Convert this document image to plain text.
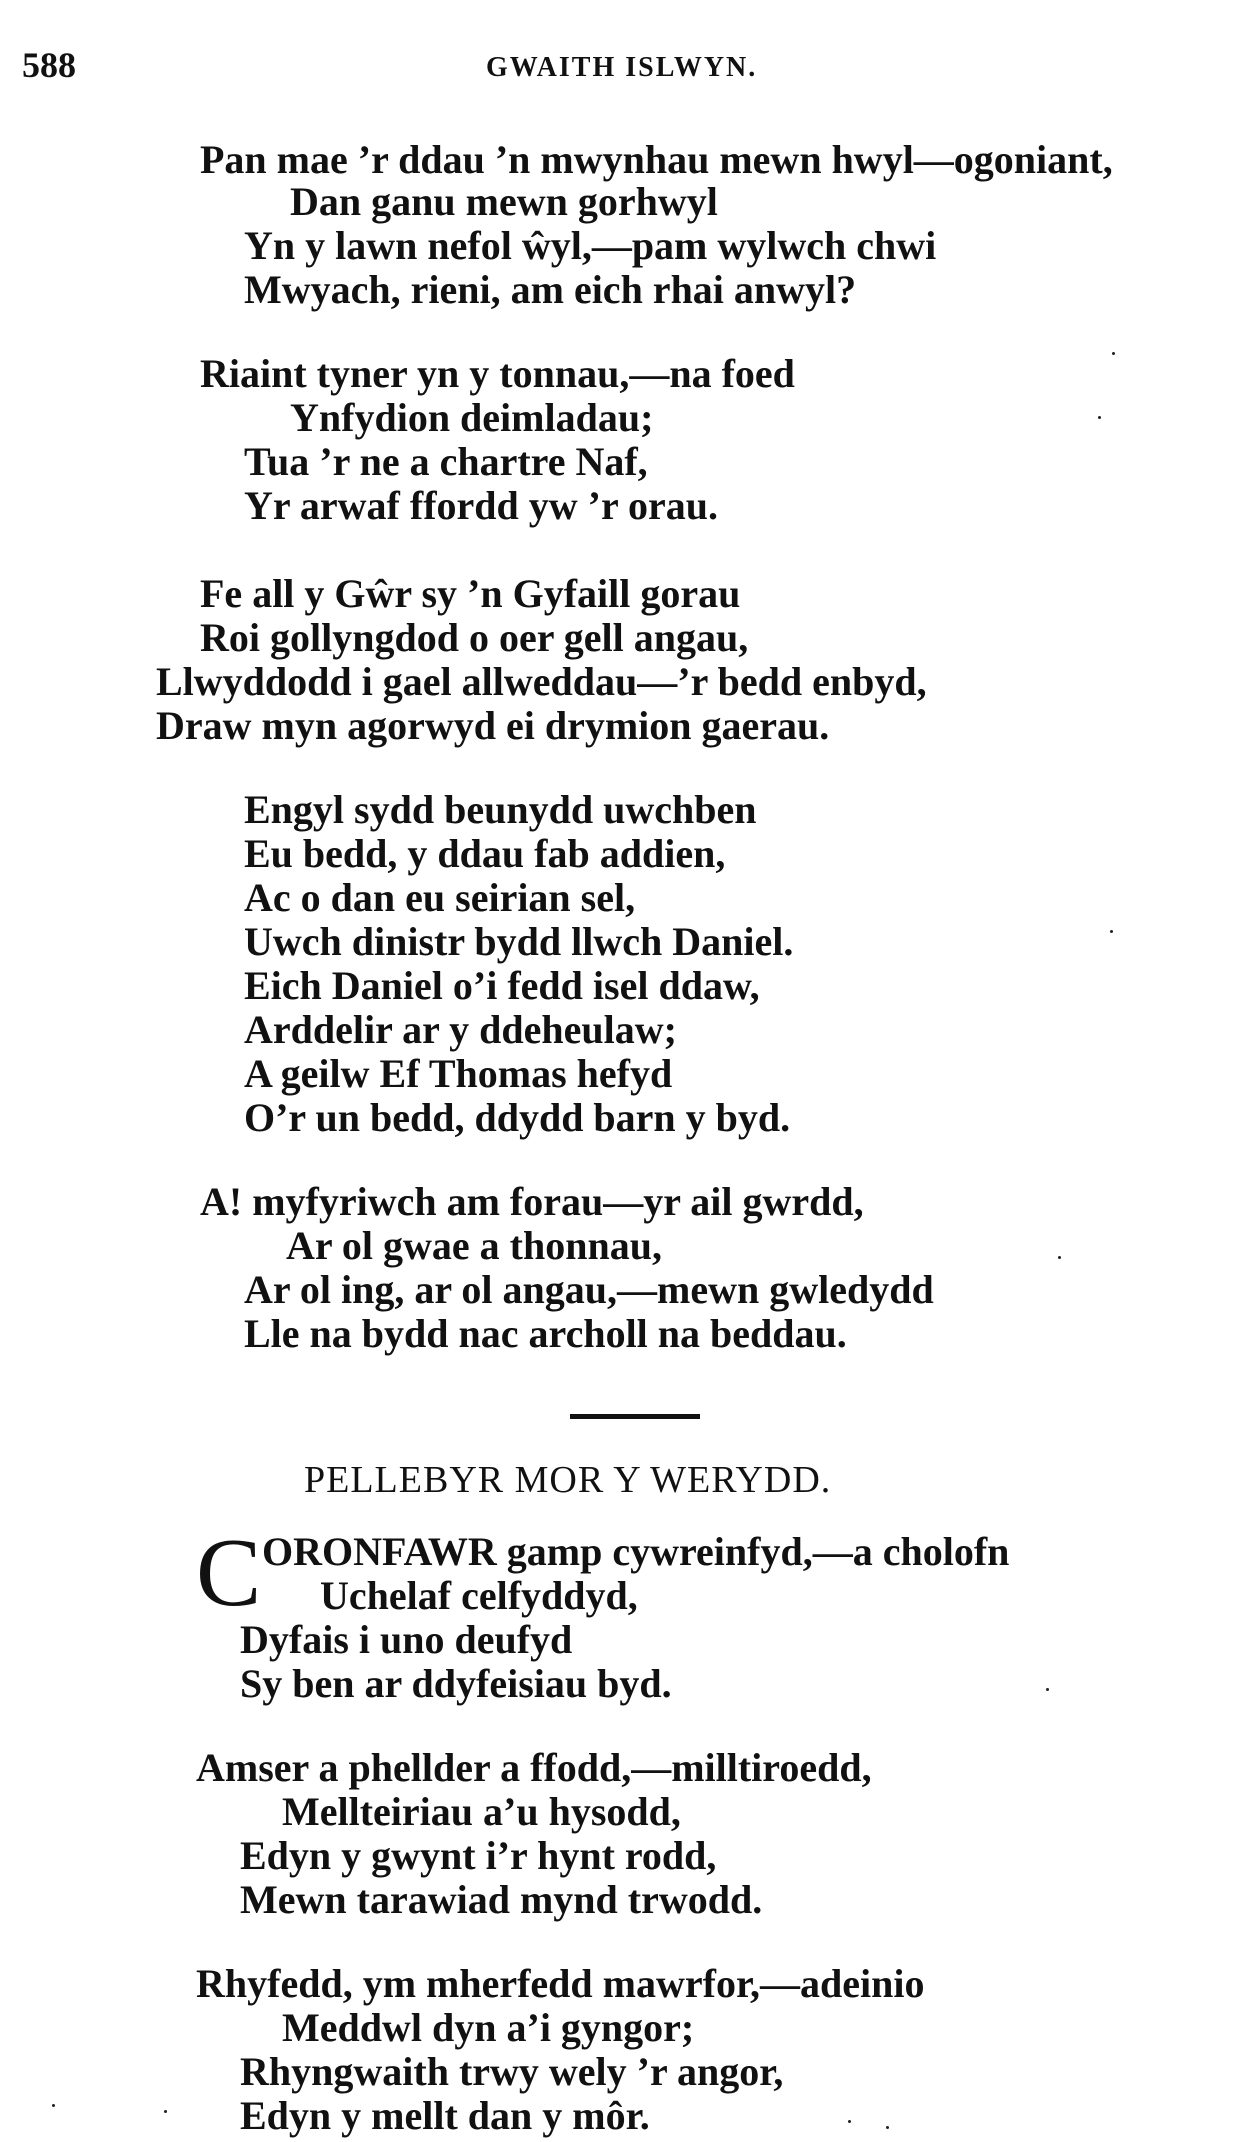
588	GWAITH ISLWYN.
Pan mae ’r ddau ’n mwynhau mewn hwyl—ogoniant,
Dan ganu mewn gorhwyl
Yn y lawn nefol ŵyl,—pam wylwch chwi
Mwyach, rieni, am eich rhai anwyl?
Riaint tyner yn y tonnau,—na foed
Ynfydion deimladau;
Tua ’r ne a chartre Naf,
Yr arwaf ffordd yw ’r orau.
Fe all y Gŵr sy ’n Gyfaill gorau
Roi gollyngdod o oer gell angau,
Llwyddodd i gael allweddau—’r bedd enbyd,
Draw myn agorwyd ei drymion gaerau.
Engyl sydd beunydd uwchben
Eu bedd, y ddau fab addien,
Ac o dan eu seirian sel,
Uwch dinistr bydd llwch Daniel.
Eich Daniel o’i fedd isel ddaw,
Arddelir ar y ddeheulaw;
A geilw Ef Thomas hefyd
O’r un bedd, ddydd barn y byd.
A! myfyriwch am forau—yr ail gwrdd,
Ar ol gwae a thonnau,
Ar ol ing, ar ol angau,—mewn gwledydd
Lle na bydd nac archoll na beddau.
PELLEBYR MOR Y WERYDD.
C ORONFAWR gamp cywreinfyd,—a cholofn
Uchelaf celfyddyd,
Dyfais i uno deufyd
Sy ben ar ddyfeisiau byd.
Amser a phellder a ffodd,—milltiroedd,
Mellteiriau a’u hysodd,
Edyn y gwynt i’r hynt rodd,
Mewn tarawiad mynd trwodd.
Rhyfedd, ym mherfedd mawrfor,—adeinio
Meddwl dyn a’i gyngor;
Rhyngwaith trwy wely ’r angor,
Edyn y mellt dan y môr.
